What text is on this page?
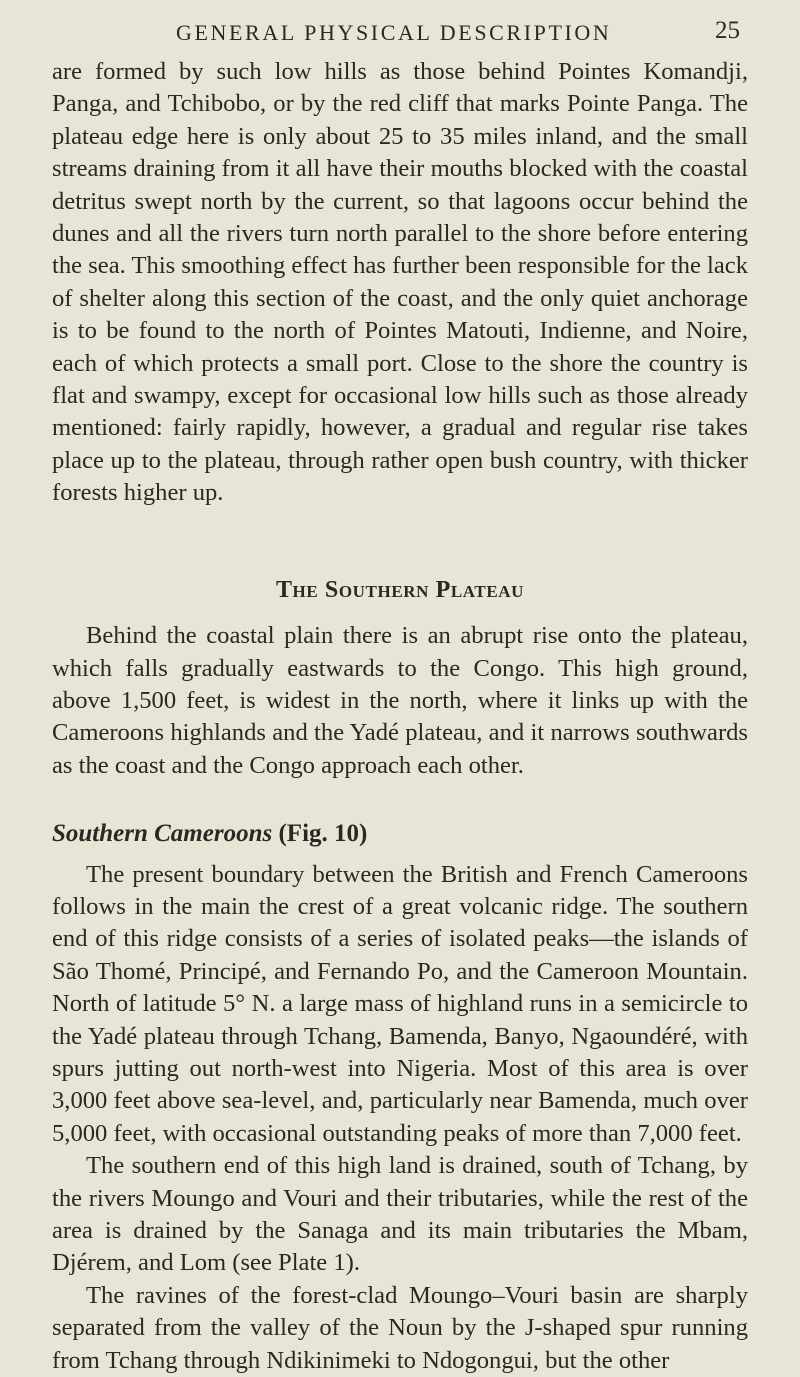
GENERAL PHYSICAL DESCRIPTION	25

are formed by such low hills as those behind Pointes Komandji, Panga, and Tchibobo, or by the red cliff that marks Pointe Panga. The plateau edge here is only about 25 to 35 miles inland, and the small streams draining from it all have their mouths blocked with the coastal detritus swept north by the current, so that lagoons occur behind the dunes and all the rivers turn north parallel to the shore before entering the sea. This smoothing effect has further been responsible for the lack of shelter along this section of the coast, and the only quiet anchorage is to be found to the north of Pointes Matouti, Indienne, and Noire, each of which protects a small port. Close to the shore the country is flat and swampy, except for occasional low hills such as those already mentioned: fairly rapidly, however, a gradual and regular rise takes place up to the plateau, through rather open bush country, with thicker forests higher up.

The Southern Plateau

Behind the coastal plain there is an abrupt rise onto the plateau, which falls gradually eastwards to the Congo. This high ground, above 1,500 feet, is widest in the north, where it links up with the Cameroons highlands and the Yadé plateau, and it narrows southwards as the coast and the Congo approach each other.

Southern Cameroons (Fig. 10)

The present boundary between the British and French Cameroons follows in the main the crest of a great volcanic ridge. The southern end of this ridge consists of a series of isolated peaks—the islands of São Thomé, Principé, and Fernando Po, and the Cameroon Mountain. North of latitude 5° N. a large mass of highland runs in a semicircle to the Yadé plateau through Tchang, Bamenda, Banyo, Ngaoundéré, with spurs jutting out north-west into Nigeria. Most of this area is over 3,000 feet above sea-level, and, particularly near Bamenda, much over 5,000 feet, with occasional outstanding peaks of more than 7,000 feet.

The southern end of this high land is drained, south of Tchang, by the rivers Moungo and Vouri and their tributaries, while the rest of the area is drained by the Sanaga and its main tributaries the Mbam, Djérem, and Lom (see Plate 1).

The ravines of the forest-clad Moungo–Vouri basin are sharply separated from the valley of the Noun by the J-shaped spur running from Tchang through Ndikinimeki to Ndogongui, but the other
